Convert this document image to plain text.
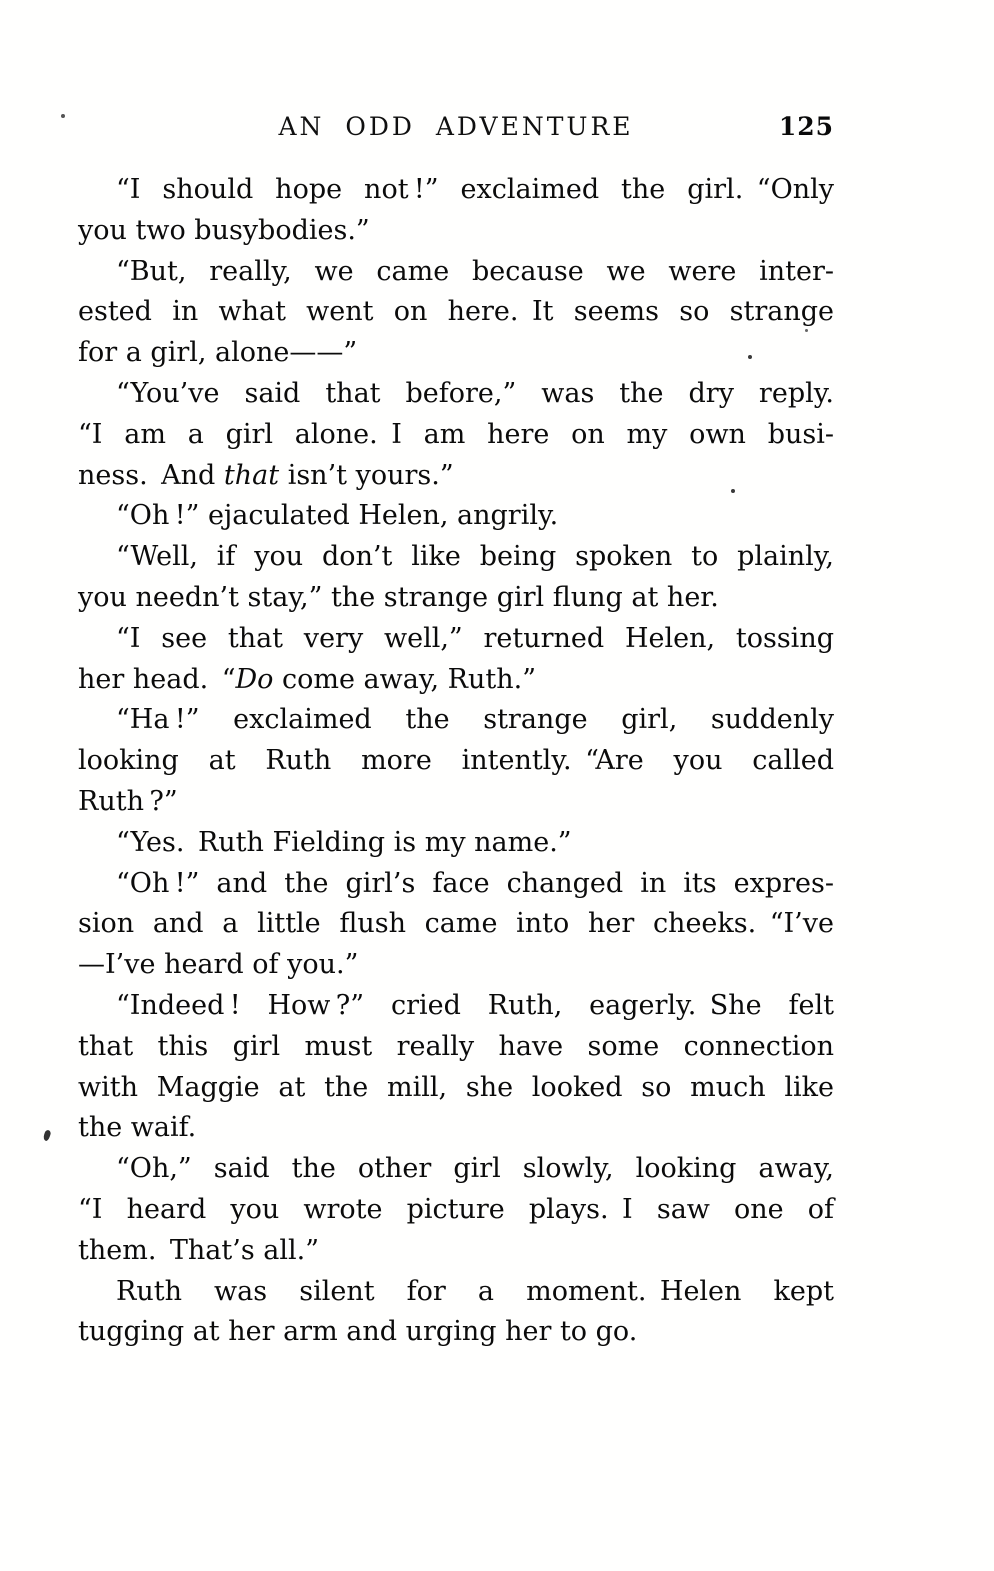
AN ODD ADVENTURE	125

“I should hope not !” exclaimed the girl. “Only
you two busybodies.”

“But, really, we came because we were inter-
ested in what went on here. It seems so strange
for a girl, alone——”

“You’ve said that before,” was the dry reply.
“I am a girl alone. I am here on my own busi-
ness. And that isn’t yours.”

“Oh !” ejaculated Helen, angrily.

“Well, if you don’t like being spoken to plainly,
you needn’t stay,” the strange girl flung at her.

“I see that very well,” returned Helen, tossing
her head. “Do come away, Ruth.”

“Ha !” exclaimed the strange girl, suddenly
looking at Ruth more intently. “Are you called
Ruth ?”

“Yes. Ruth Fielding is my name.”

“Oh !” and the girl’s face changed in its expres-
sion and a little flush came into her cheeks. “I’ve
—I’ve heard of you.”

“Indeed ! How ?” cried Ruth, eagerly. She felt
that this girl must really have some connection
with Maggie at the mill, she looked so much like
the waif.

“Oh,” said the other girl slowly, looking away,
“I heard you wrote picture plays. I saw one of
them. That’s all.”

Ruth was silent for a moment. Helen kept
tugging at her arm and urging her to go.
